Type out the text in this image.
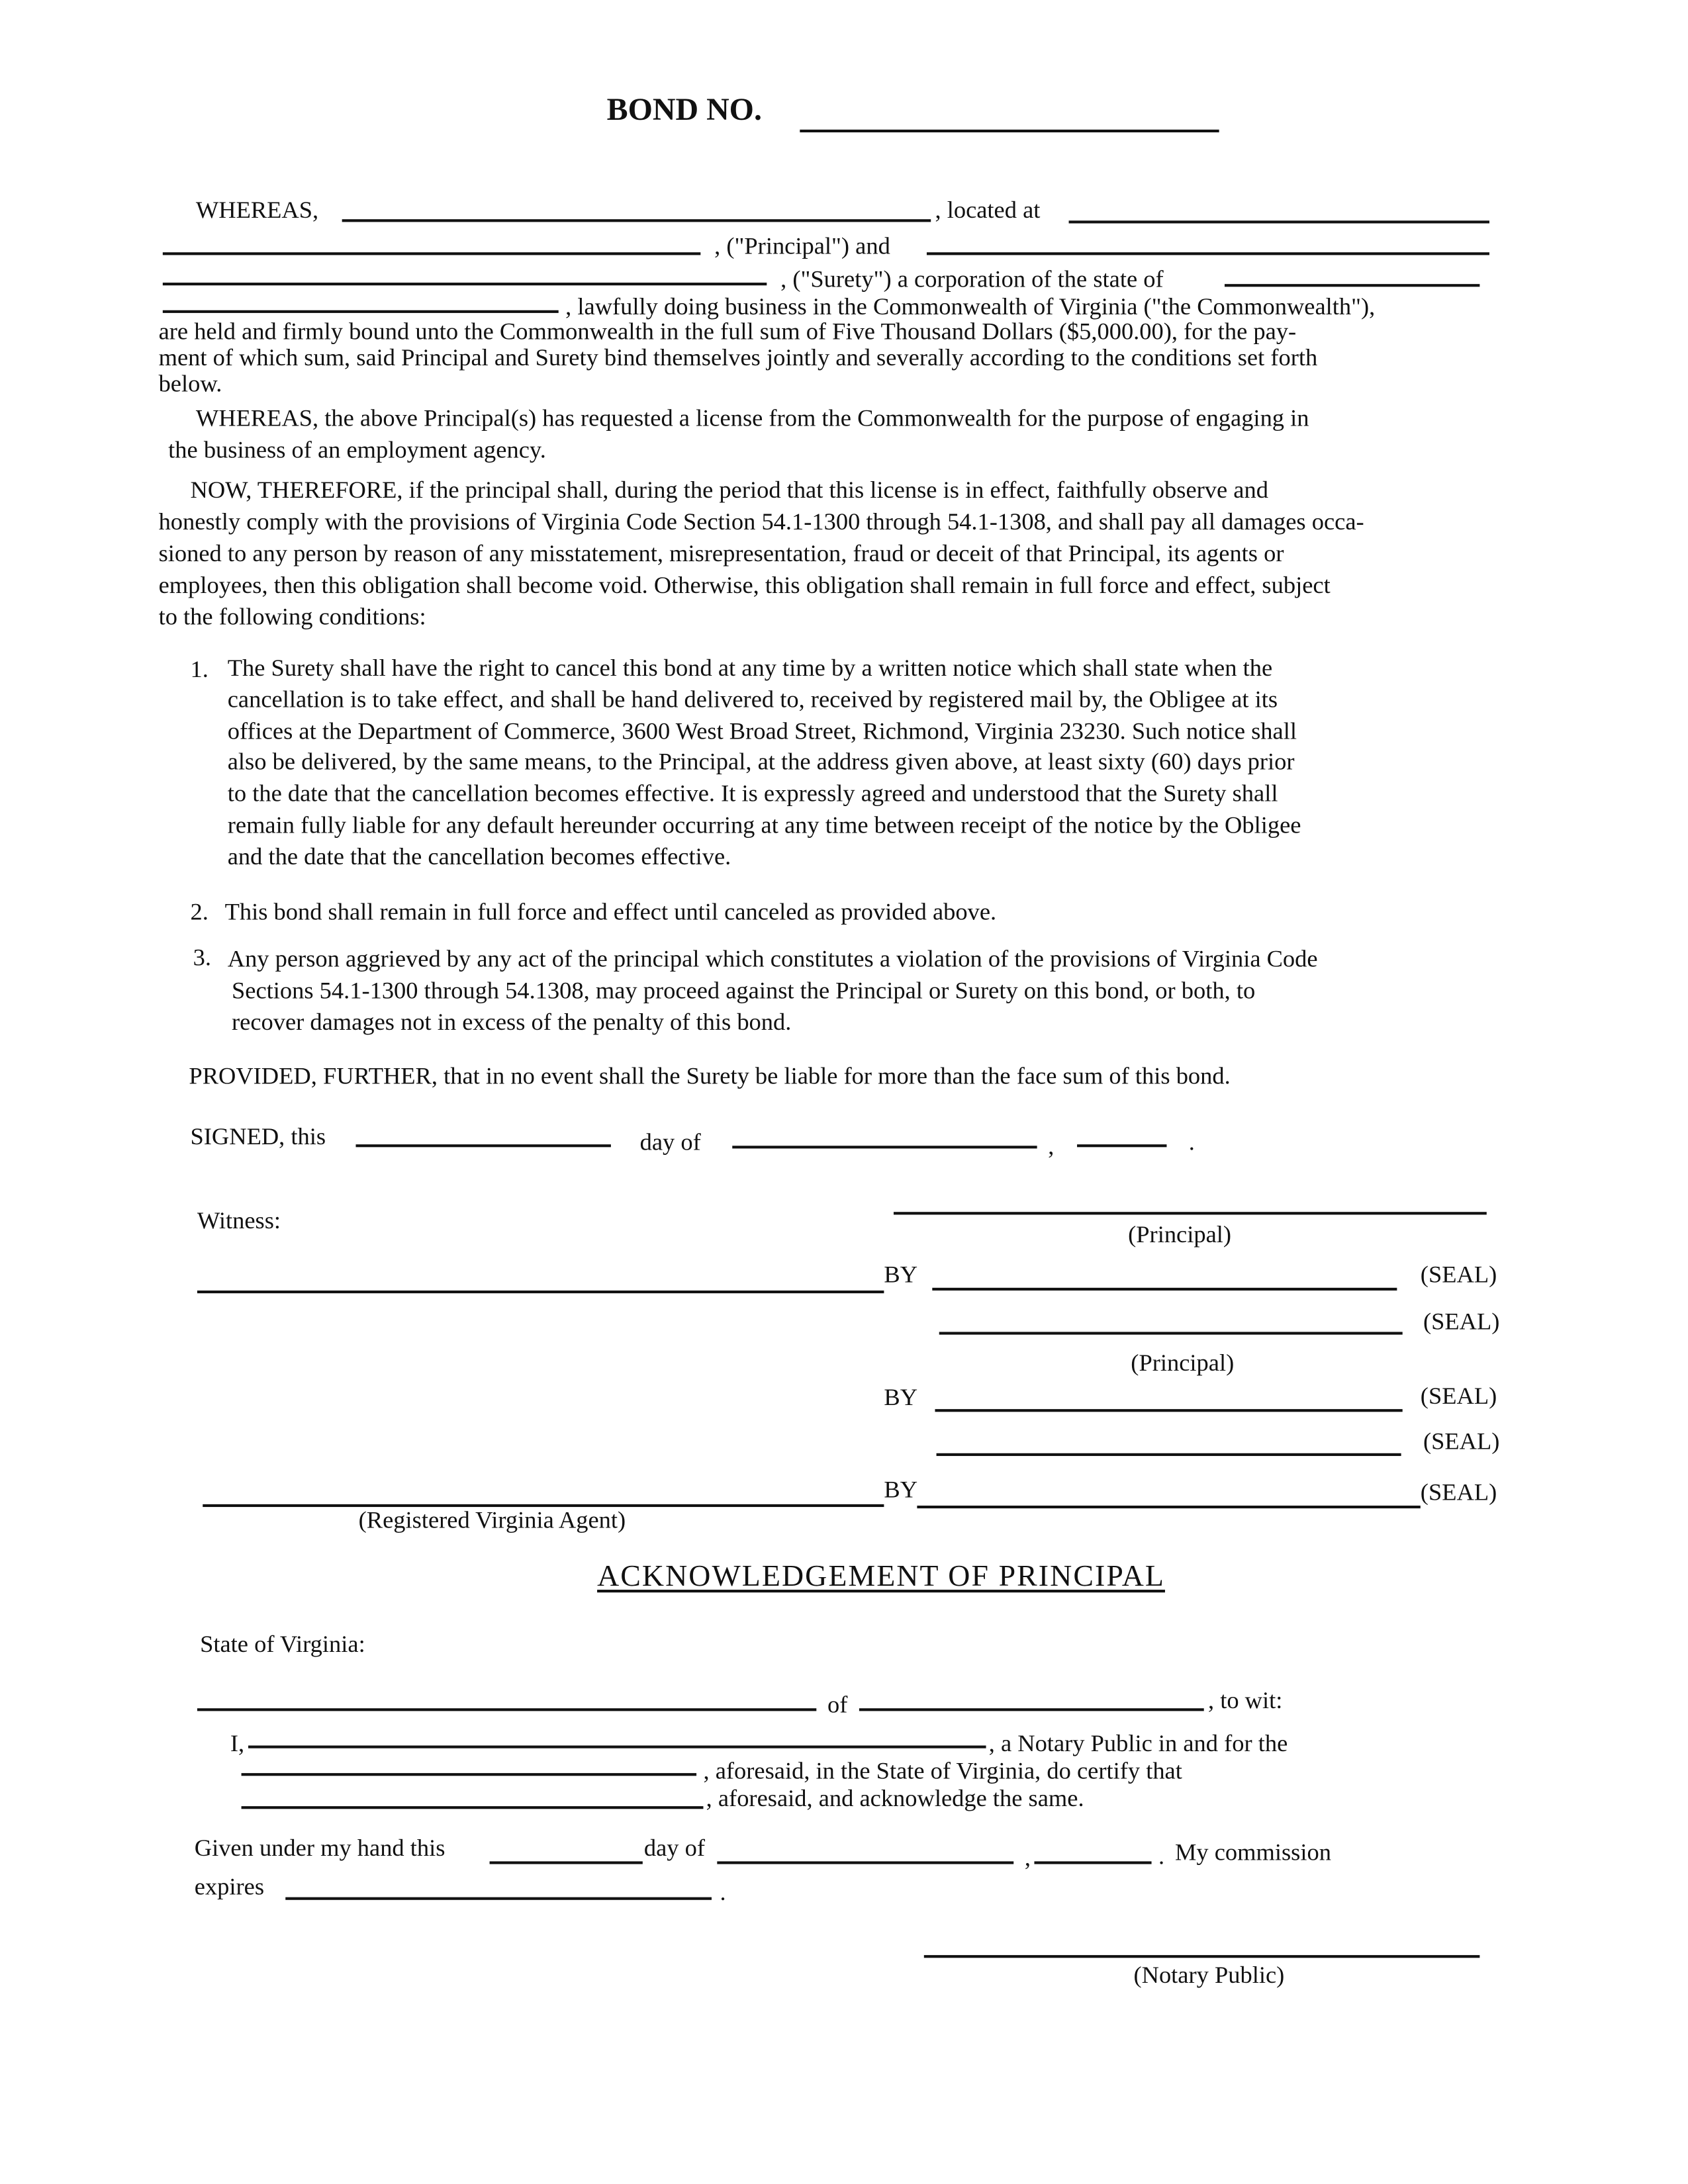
BOND NO.
WHEREAS,	, located at
, ("Principal") and
, ("Surety") a corporation of the state of
, lawfully doing business in the Commonwealth of Virginia ("the Commonwealth"),
are held and firmly bound unto the Commonwealth in the full sum of Five Thousand Dollars ($5,000.00), for the pay-
ment of which sum, said Principal and Surety bind themselves jointly and severally according to the conditions set forth
below.
WHEREAS, the above Principal(s) has requested a license from the Commonwealth for the purpose of engaging in
the business of an employment agency.
NOW, THEREFORE, if the principal shall, during the period that this license is in effect, faithfully observe and
honestly comply with the provisions of Virginia Code Section 54.1-1300 through 54.1-1308, and shall pay all damages occa-
sioned to any person by reason of any misstatement, misrepresentation, fraud or deceit of that Principal, its agents or
employees, then this obligation shall become void. Otherwise, this obligation shall remain in full force and effect, subject
to the following conditions:
1. The Surety shall have the right to cancel this bond at any time by a written notice which shall state when the
cancellation is to take effect, and shall be hand delivered to, received by registered mail by, the Obligee at its
offices at the Department of Commerce, 3600 West Broad Street, Richmond, Virginia 23230. Such notice shall
also be delivered, by the same means, to the Principal, at the address given above, at least sixty (60) days prior
to the date that the cancellation becomes effective. It is expressly agreed and understood that the Surety shall
remain fully liable for any default hereunder occurring at any time between receipt of the notice by the Obligee
and the date that the cancellation becomes effective.
2. This bond shall remain in full force and effect until canceled as provided above.
3. Any person aggrieved by any act of the principal which constitutes a violation of the provisions of Virginia Code
Sections 54.1-1300 through 54.1308, may proceed against the Principal or Surety on this bond, or both, to
recover damages not in excess of the penalty of this bond.
PROVIDED, FURTHER, that in no event shall the Surety be liable for more than the face sum of this bond.
SIGNED, this	day of	,	.
Witness:	(Principal)
BY	(SEAL)
(SEAL)
(Principal)
BY	(SEAL)
(SEAL)
BY	(SEAL)
(Registered Virginia Agent)
ACKNOWLEDGEMENT OF PRINCIPAL
State of Virginia:
of	, to wit:
I,	, a Notary Public in and for the
, aforesaid, in the State of Virginia, do certify that
, aforesaid, and acknowledge the same.
Given under my hand this	day of	,	. My commission
expires	.
(Notary Public)
